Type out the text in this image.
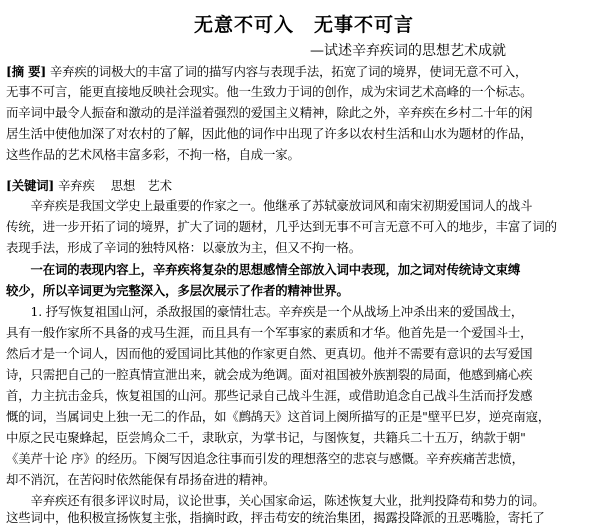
无意不可入　无事不可言
—试述辛弃疾词的思想艺术成就
[摘 要] 辛弃疾的词极大的丰富了词的描写内容与表现手法，拓宽了词的境界，使词无意不可入，
无事不可言，能更直接地反映社会现实。他一生致力于词的创作，成为宋词艺术高峰的一个标志。
而辛词中最令人振奋和激动的是洋溢着强烈的爱国主义精神，除此之外，辛弃疾在乡村二十年的闲
居生活中使他加深了对农村的了解，因此他的词作中出现了许多以农村生活和山水为题材的作品，
这些作品的艺术风格丰富多彩，不拘一格，自成一家。
[关键词] 辛弃疾　 思想　艺术
　　辛弃疾是我国文学史上最重要的作家之一。他继承了苏轼豪放词风和南宋初期爱国词人的战斗
传统，进一步开拓了词的境界，扩大了词的题材，几乎达到无事不可言无意不可入的地步，丰富了词的
表现手法，形成了辛词的独特风格：以豪放为主，但又不拘一格。
　　一在词的表现内容上，辛弃疾将复杂的思想感情全部放入词中表现，加之词对传统诗文束缚
较少，所以辛词更为完整深入，多层次展示了作者的精神世界。
　　1. 抒写恢复祖国山河，杀敌报国的豪情壮志。辛弃疾是一个从战场上冲杀出来的爱国战士，
具有一般作家所不具备的戎马生涯，而且具有一个军事家的素质和才华。他首先是一个爱国斗士，
然后才是一个词人，因而他的爱国词比其他的作家更自然、更真切。他并不需要有意识的去写爱国
诗，只需把自己的一腔真情宣泄出来，就会成为绝调。面对祖国被外族割裂的局面，他感到痛心疾
首，力主抗击金兵，恢复祖国的山河。那些记录自己战斗生涯，或借助追念自己战斗生活而抒发感
慨的词，当属词史上独一无二的作品，如《鹧鸪天》这首词上阕所描写的正是"壁平巳岁，逆亮南寇，
中原之民屯聚蜂起，臣尝鸠众二千，隶耿京，为掌书记，与图恢复，共籍兵二十五万，纳款于朝"
《美芹十论 序》的经历。下阕写因追念往事而引发的理想落空的悲哀与感慨。辛弃疾痛苦悲愤，
却不消沉，在苦闷时依然能保有昂扬奋进的精神。
　　辛弃疾还有很多评议时局，议论世事，关心国家命运，陈述恢复大业，批判投降苟和势力的词。
这些词中，他积极宣扬恢复主张，指摘时政，抨击苟安的统治集团，揭露投降派的丑恶嘴脸，寄托了
